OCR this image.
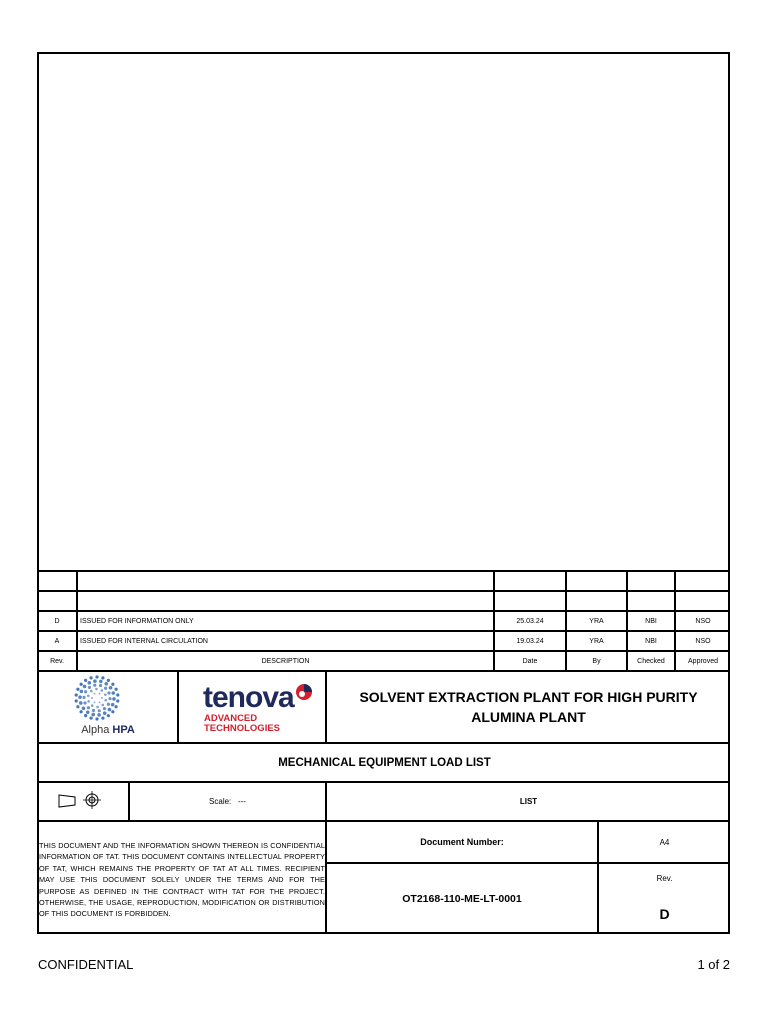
D	ISSUED FOR INFORMATION ONLY	25.03.24	YRA	NBI	NSO
A	ISSUED FOR INTERNAL CIRCULATION	19.03.24	YRA	NBI	NSO
Rev.	DESCRIPTION	Date	By	Checked	Approved
Alpha HPA
tenova
ADVANCED
TECHNOLOGIES
SOLVENT EXTRACTION PLANT FOR HIGH PURITY
ALUMINA PLANT
MECHANICAL EQUIPMENT LOAD LIST
Scale:
---	LIST
THIS DOCUMENT AND THE INFORMATION SHOWN THEREON IS CONFIDENTIAL INFORMATION OF TAT. THIS DOCUMENT CONTAINS INTELLECTUAL PROPERTY OF TAT, WHICH REMAINS THE PROPERTY OF TAT AT ALL TIMES. RECIPIENT MAY USE THIS DOCUMENT SOLELY UNDER THE TERMS AND FOR THE PURPOSE AS DEFINED IN THE CONTRACT WITH TAT FOR THE PROJECT. OTHERWISE, THE USAGE, REPRODUCTION, MODIFICATION OR DISTRIBUTION OF THIS DOCUMENT IS FORBIDDEN.
Document Number:	A4
OT2168-110-ME-LT-0001
Rev.
D
CONFIDENTIAL	1 of 2
